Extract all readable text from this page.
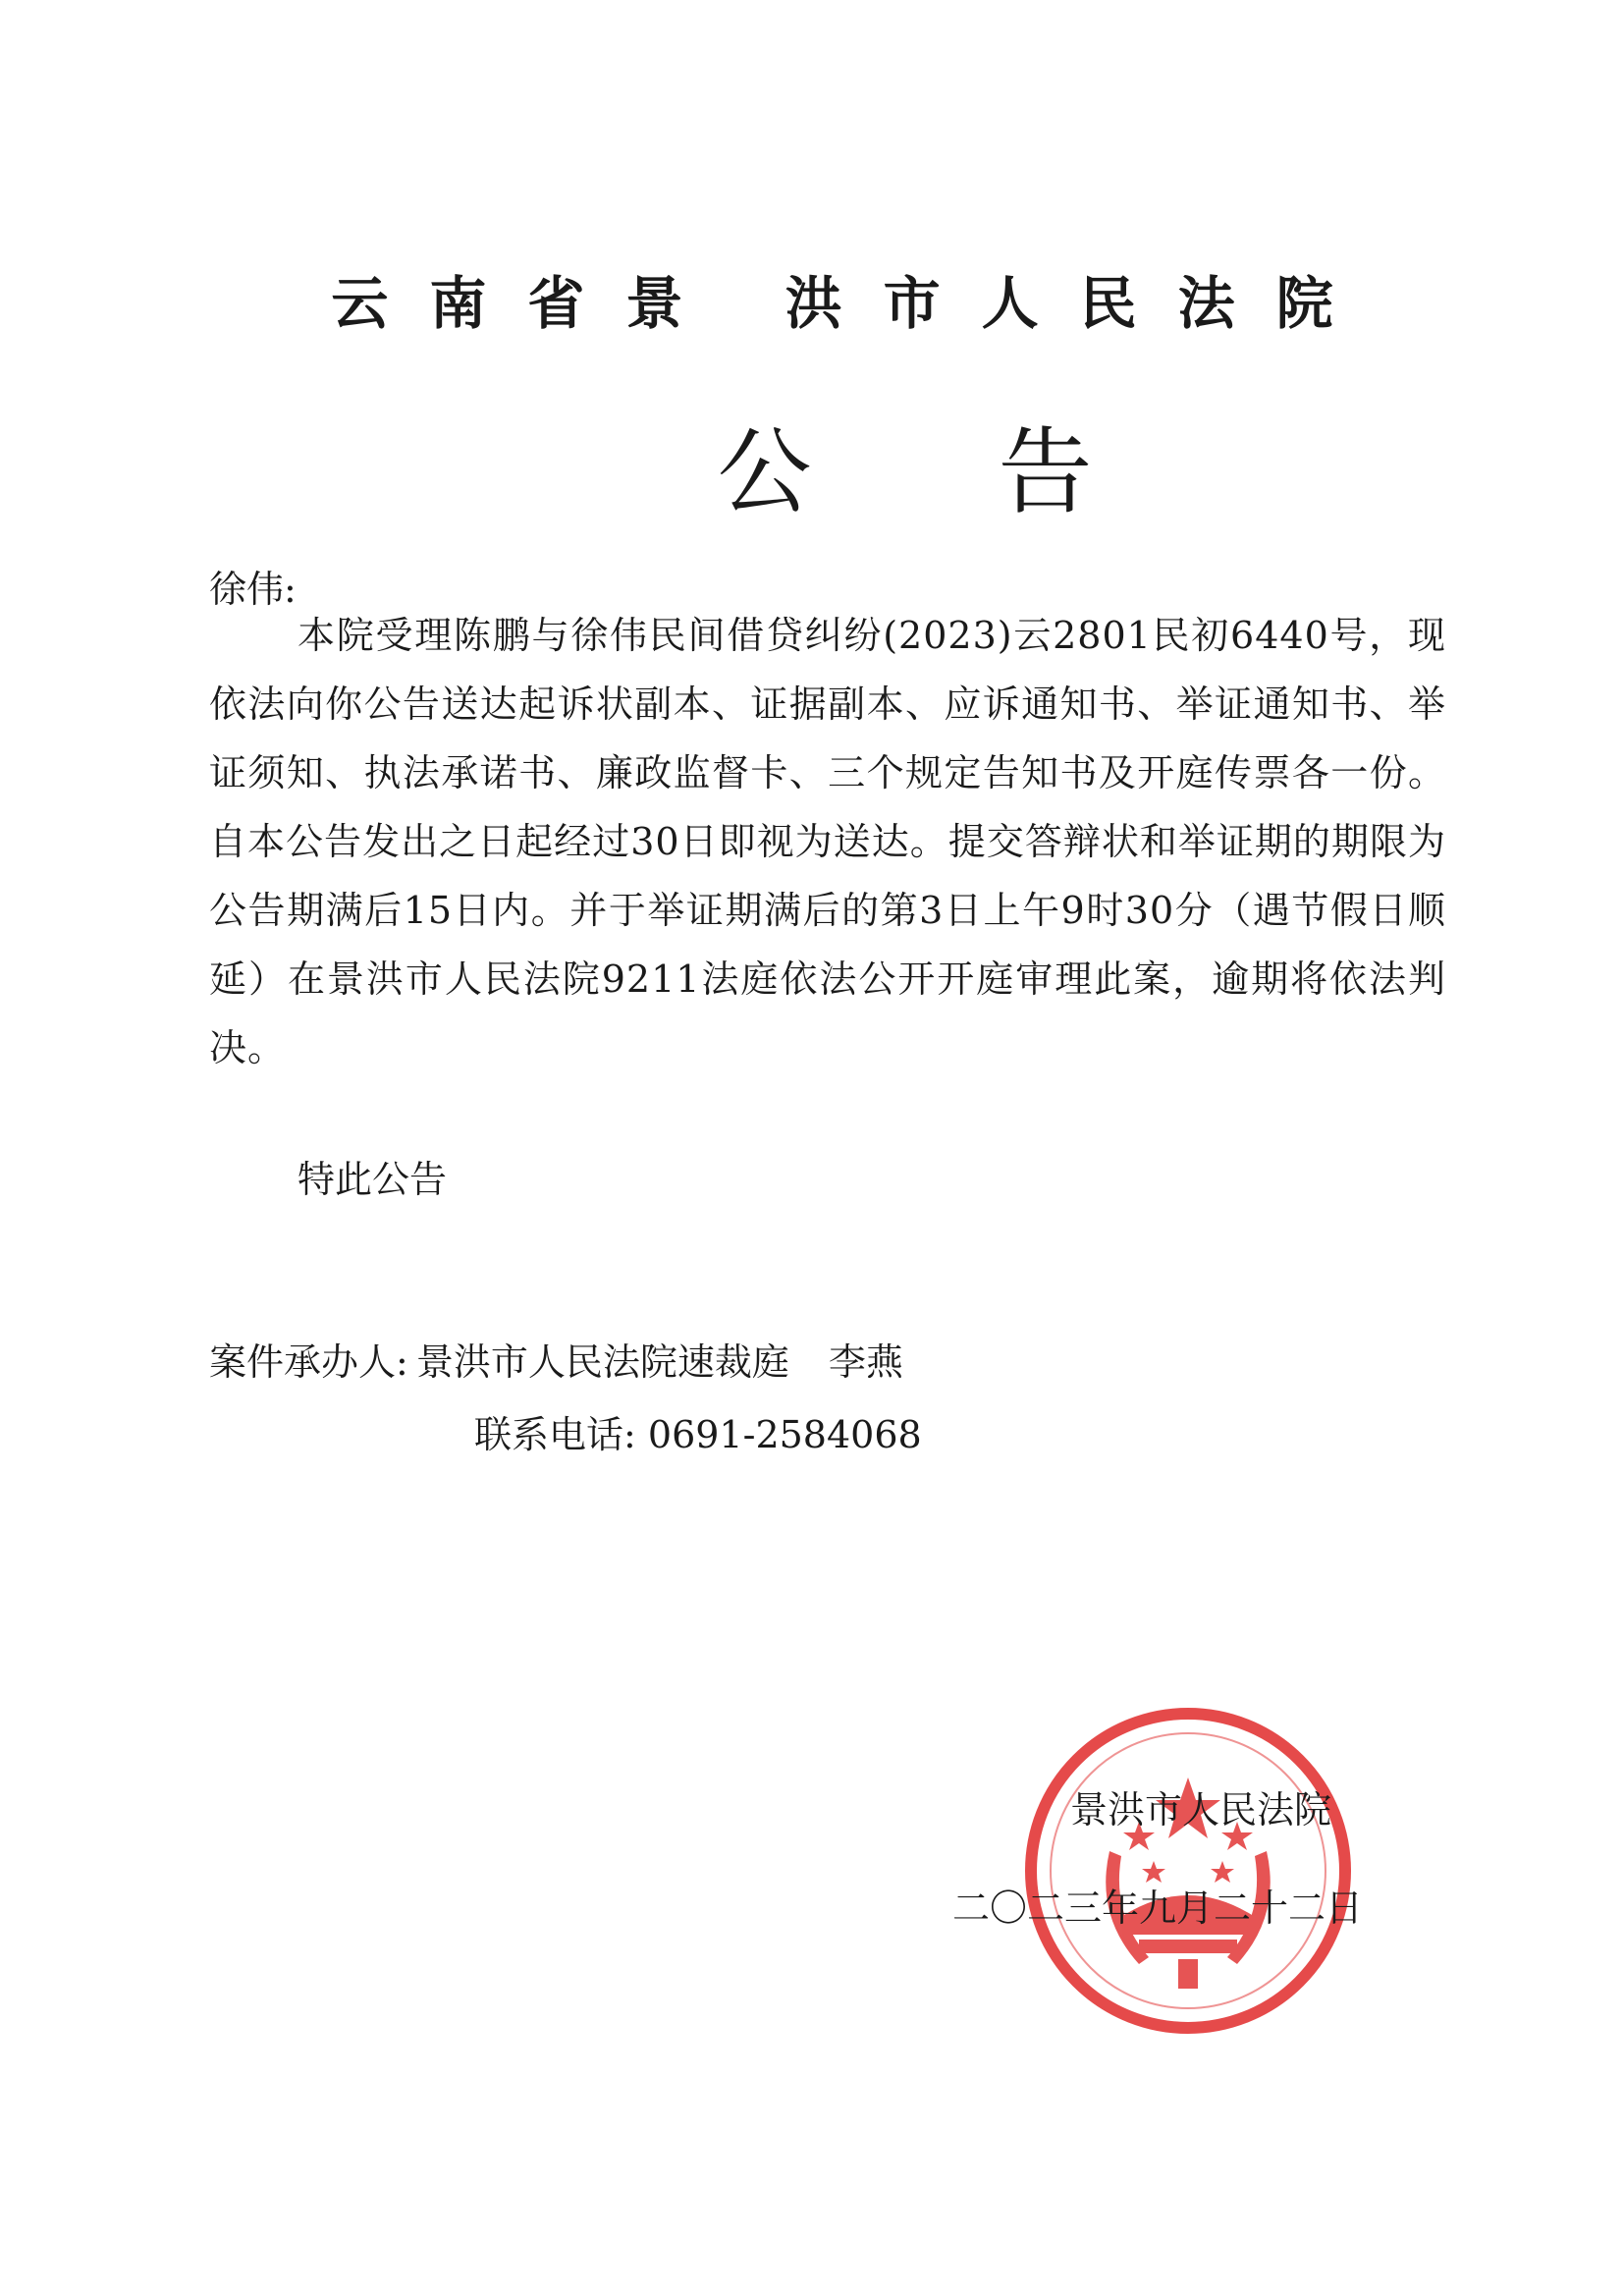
云南省景 洪市人民法院
公告
徐伟:
本院受理陈鹏与徐伟民间借贷纠纷(2023)云2801民初6440号，现依法向你公告送达起诉状副本、证据副本、应诉通知书、举证通知书、举证须知、执法承诺书、廉政监督卡、三个规定告知书及开庭传票各一份。自本公告发出之日起经过30日即视为送达。提交答辩状和举证期的期限为公告期满后15日内。并于举证期满后的第3日上午9时30分（遇节假日顺延）在景洪市人民法院9211法庭依法公开开庭审理此案，逾期将依法判决。
特此公告
案件承办人: 景洪市人民法院速裁庭 李燕
联系电话: 0691-2584068
景洪市人民法院
二〇二三年九月二十二日
